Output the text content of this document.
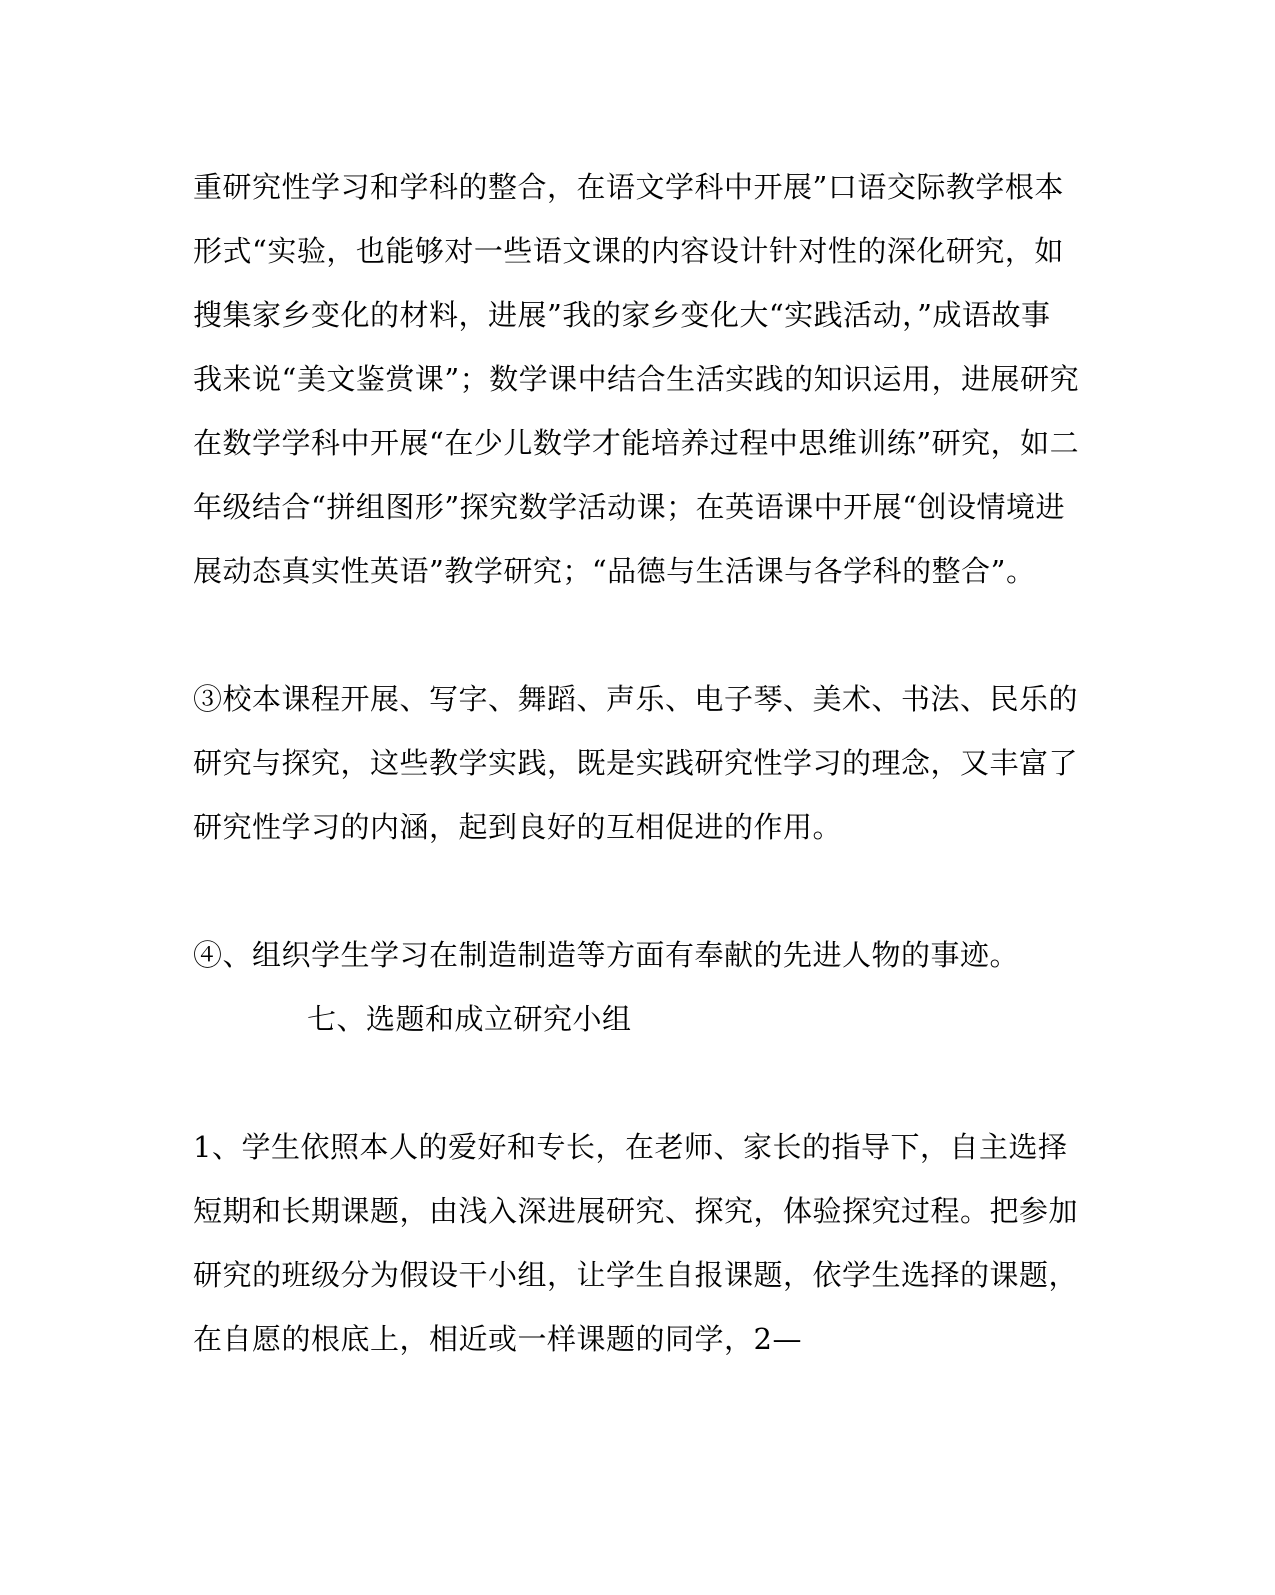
重研究性学习和学科的整合，在语文学科中开展”口语交际教学根本
形式“实验，也能够对一些语文课的内容设计针对性的深化研究，如
搜集家乡变化的材料，进展”我的家乡变化大“实践活动，”成语故事
我来说“美文鉴赏课”；数学课中结合生活实践的知识运用，进展研究
在数学学科中开展“在少儿数学才能培养过程中思维训练”研究，如二
年级结合“拼组图形”探究数学活动课；在英语课中开展“创设情境进
展动态真实性英语”教学研究；“品德与生活课与各学科的整合”。
③校本课程开展、写字、舞蹈、声乐、电子琴、美术、书法、民乐的
研究与探究，这些教学实践，既是实践研究性学习的理念，又丰富了
研究性学习的内涵，起到良好的互相促进的作用。
④、组织学生学习在制造制造等方面有奉献的先进人物的事迹。
七、选题和成立研究小组
1、学生依照本人的爱好和专长，在老师、家长的指导下，自主选择
短期和长期课题，由浅入深进展研究、探究，体验探究过程。把参加
研究的班级分为假设干小组，让学生自报课题，依学生选择的课题，
在自愿的根底上，相近或一样课题的同学，2—
